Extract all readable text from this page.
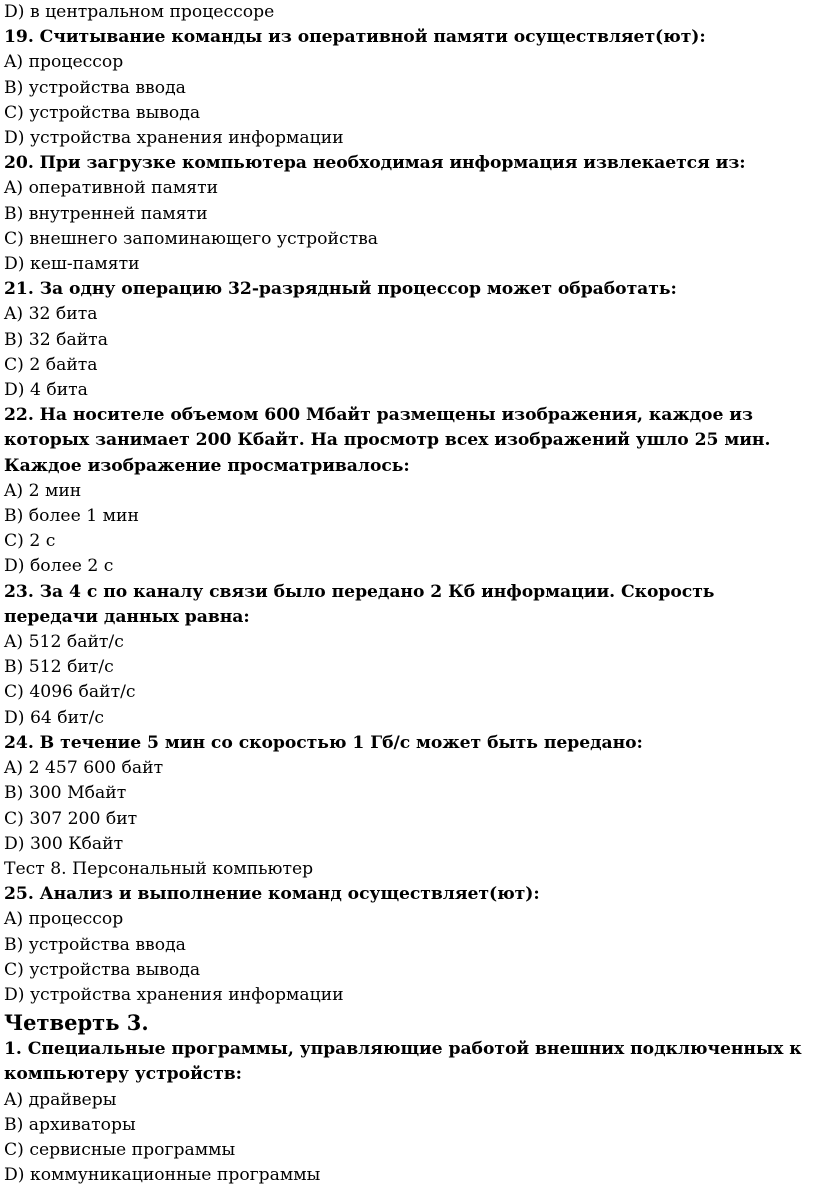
D) в центральном процессоре

19. Считывание команды из оперативной памяти осуществляет(ют):

A) процессор

B) устройства ввода

C) устройства вывода

D) устройства хранения информации

20. При загрузке компьютера необходимая информация извлекается из:

A) оперативной памяти

B) внутренней памяти

C) внешнего запоминающего устройства

D) кеш-памяти

21. За одну операцию 32-разрядный процессор может обработать:

A) 32 бита

B) 32 байта

C) 2 байта

D) 4 бита

22. На носителе объемом 600 Мбайт размещены изображения, каждое из которых занимает 200 Кбайт. На просмотр всех изображений ушло 25 мин. Каждое изображение просматривалось:

A) 2 мин

B) более 1 мин

C) 2 с

D) более 2 с

23. За 4 с по каналу связи было передано 2 Кб информации. Скорость передачи данных равна:

A) 512 байт/с

B) 512 бит/с

C) 4096 байт/с

D) 64 бит/с

24. В течение 5 мин со скоростью 1 Гб/с может быть передано:

A) 2 457 600 байт

B) 300 Мбайт

C) 307 200 бит

D) 300 Кбайт

Тест 8. Персональный компьютер

25. Анализ и выполнение команд осуществляет(ют):

A) процессор

B) устройства ввода

C) устройства вывода

D) устройства хранения информации

Четверть 3.

1. Специальные программы, управляющие работой внешних подключенных к компьютеру устройств:

A) драйверы

B) архиваторы

C) сервисные программы

D) коммуникационные программы
